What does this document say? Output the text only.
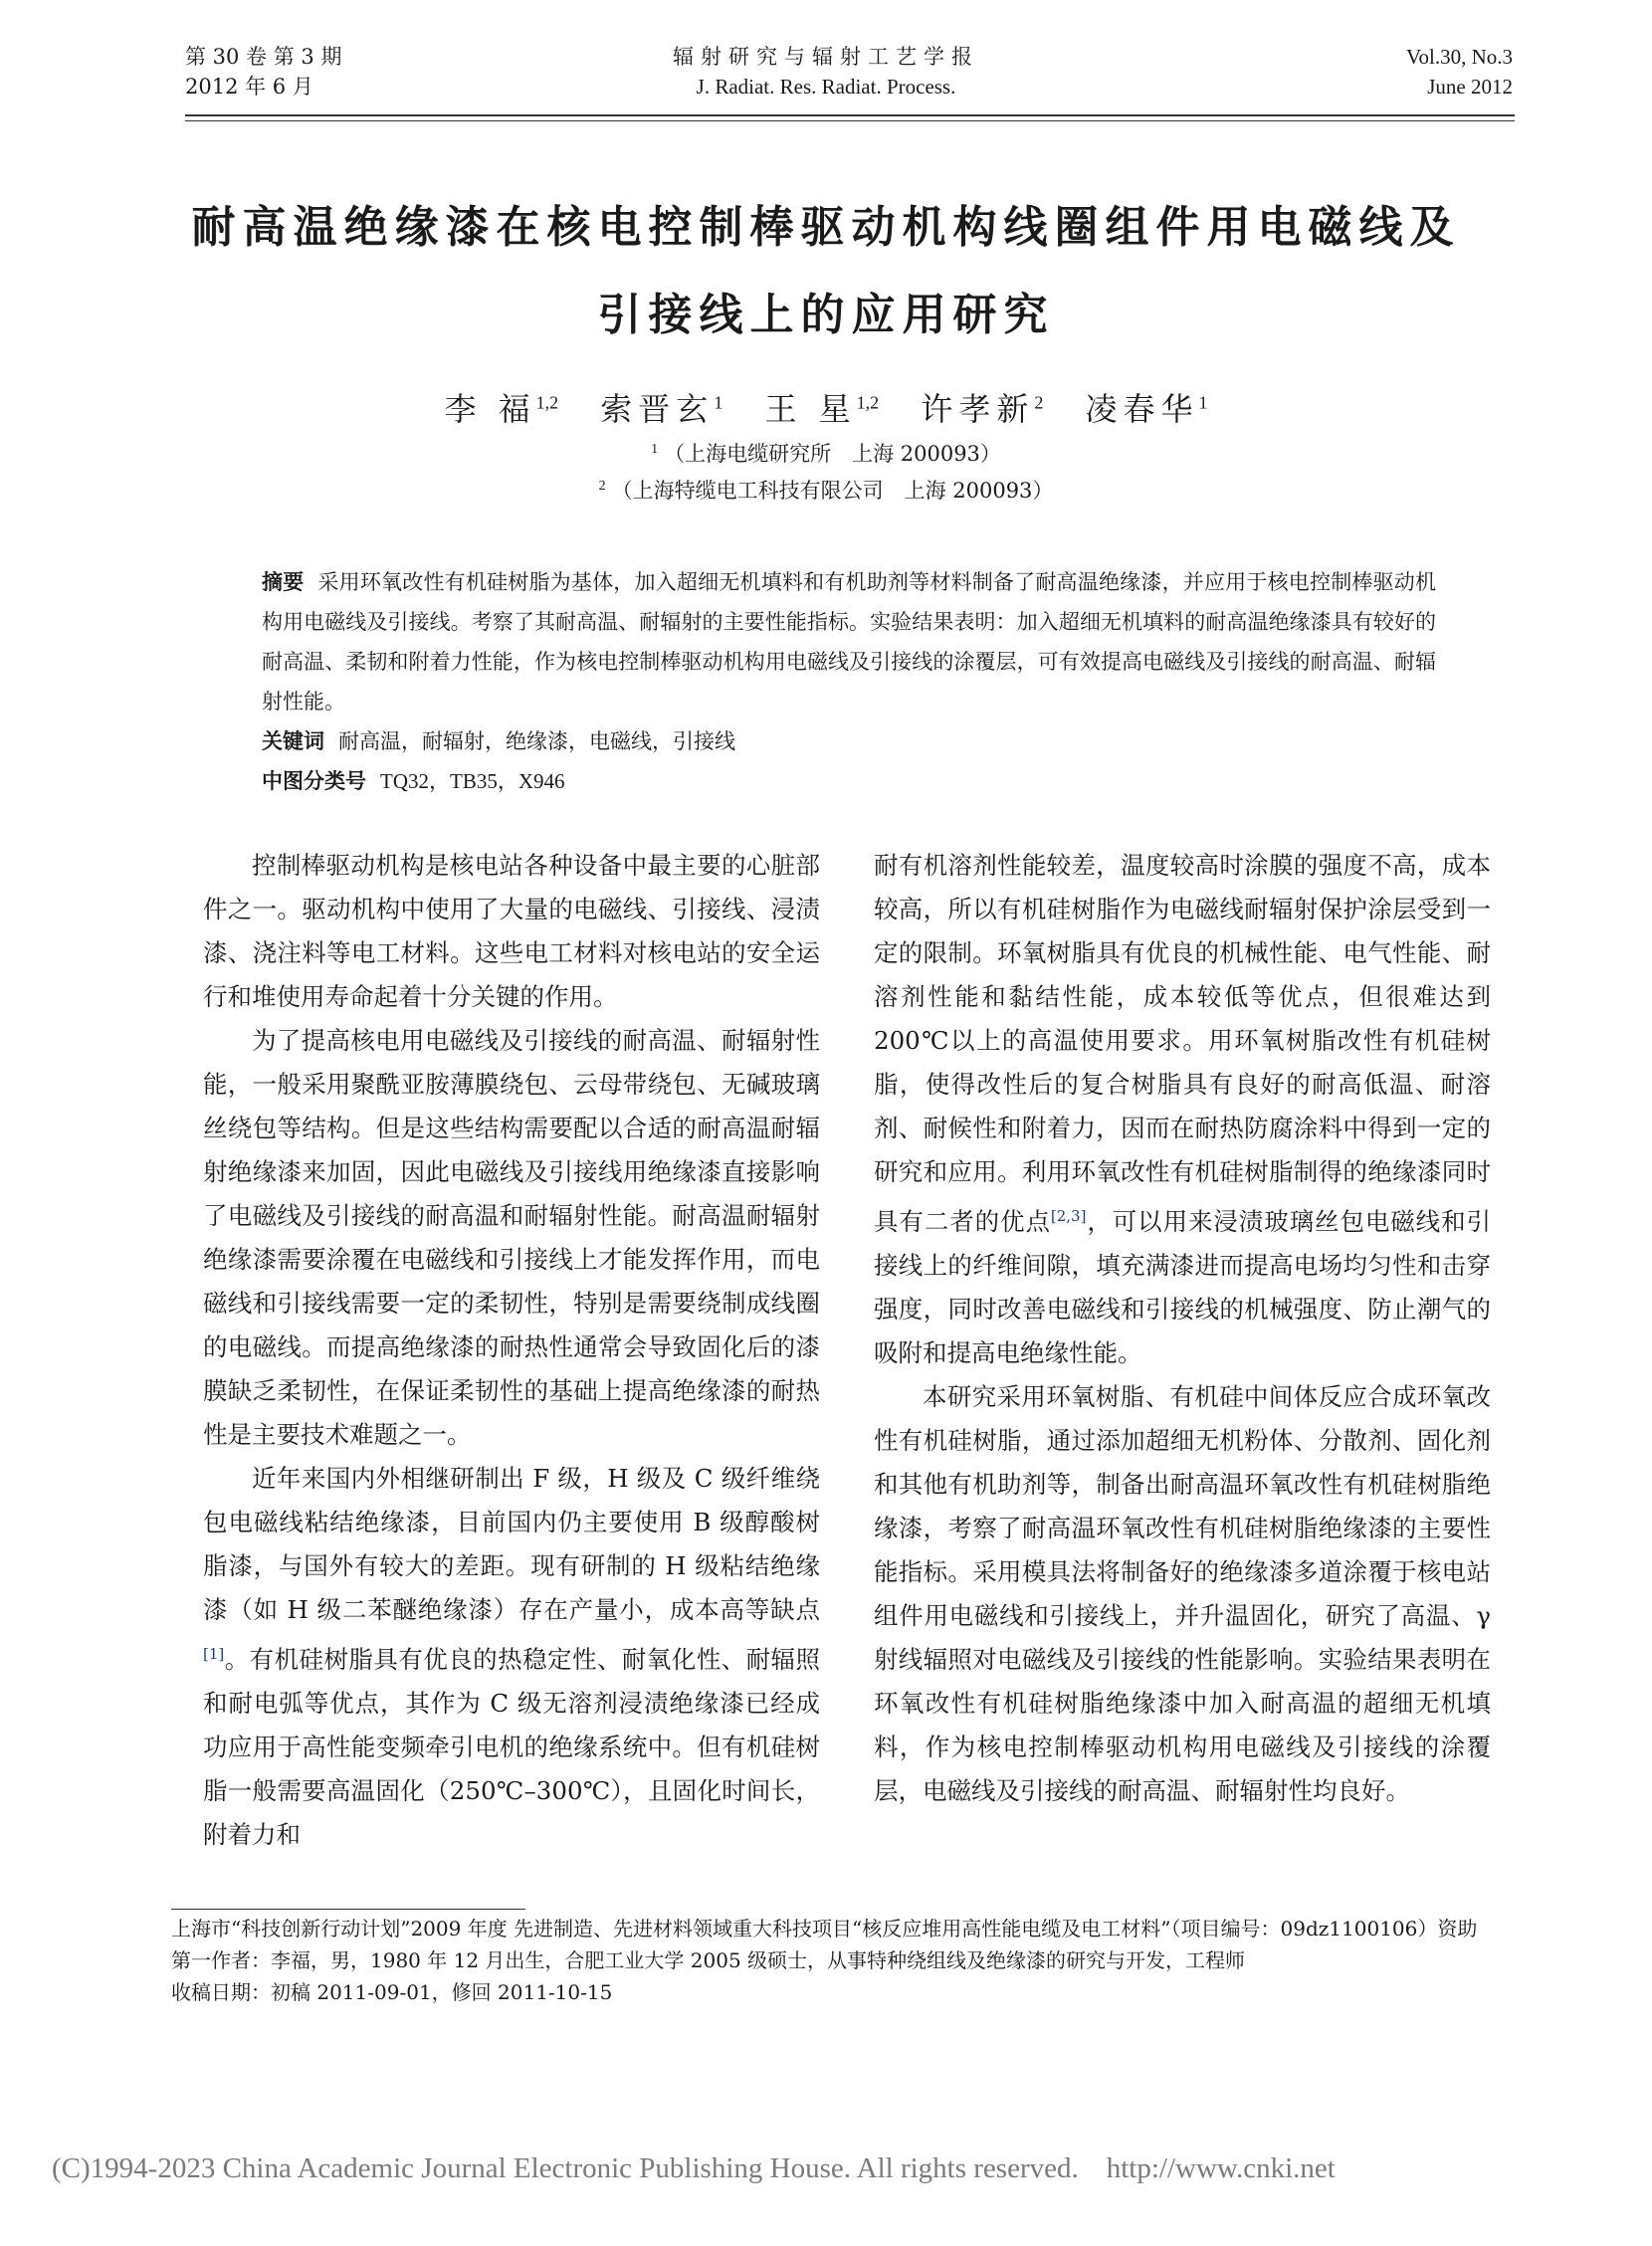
第 30 卷 第 3 期
2012 年 6 月
辐射研究与辐射工艺学报
J. Radiat. Res. Radiat. Process.
Vol.30, No.3
June 2012
耐高温绝缘漆在核电控制棒驱动机构线圈组件用电磁线及
引接线上的应用研究
李 福$^{1,2}$ 索晋玄$^1$ 王 星$^{1,2}$ 许孝新$^2$ 凌春华$^1$
$^1$ （上海电缆研究所　上海 200093）
$^2$ （上海特缆电工科技有限公司　上海 200093）

摘要 采用环氧改性有机硅树脂为基体，加入超细无机填料和有机助剂等材料制备了耐高温绝缘漆，并应用于核电控制棒驱动机构用电磁线及引接线。考察了其耐高温、耐辐射的主要性能指标。实验结果表明：加入超细无机填料的耐高温绝缘漆具有较好的耐高温、柔韧和附着力性能，作为核电控制棒驱动机构用电磁线及引接线的涂覆层，可有效提高电磁线及引接线的耐高温、耐辐射性能。

关键词 耐高温，耐辐射，绝缘漆，电磁线，引接线

中图分类号 TQ32，TB35，X946

控制棒驱动机构是核电站各种设备中最主要的心脏部件之一。驱动机构中使用了大量的电磁线、引接线、浸渍漆、浇注料等电工材料。这些电工材料对核电站的安全运行和堆使用寿命起着十分关键的作用。

为了提高核电用电磁线及引接线的耐高温、耐辐射性能，一般采用聚酰亚胺薄膜绕包、云母带绕包、无碱玻璃丝绕包等结构。但是这些结构需要配以合适的耐高温耐辐射绝缘漆来加固，因此电磁线及引接线用绝缘漆直接影响了电磁线及引接线的耐高温和耐辐射性能。耐高温耐辐射绝缘漆需要涂覆在电磁线和引接线上才能发挥作用，而电磁线和引接线需要一定的柔韧性，特别是需要绕制成线圈的电磁线。而提高绝缘漆的耐热性通常会导致固化后的漆膜缺乏柔韧性，在保证柔韧性的基础上提高绝缘漆的耐热性是主要技术难题之一。

近年来国内外相继研制出 F 级，H 级及 C 级纤维绕包电磁线粘结绝缘漆，目前国内仍主要使用 B 级醇酸树脂漆，与国外有较大的差距。现有研制的 H 级粘结绝缘漆（如 H 级二苯醚绝缘漆）存在产量小，成本高等缺点[1]。有机硅树脂具有优良的热稳定性、耐氧化性、耐辐照和耐电弧等优点，其作为 C 级无溶剂浸渍绝缘漆已经成功应用于高性能变频牵引电机的绝缘系统中。但有机硅树脂一般需要高温固化（250℃–300℃），且固化时间长，附着力和

耐有机溶剂性能较差，温度较高时涂膜的强度不高，成本较高，所以有机硅树脂作为电磁线耐辐射保护涂层受到一定的限制。环氧树脂具有优良的机械性能、电气性能、耐溶剂性能和黏结性能，成本较低等优点，但很难达到 200℃以上的高温使用要求。用环氧树脂改性有机硅树脂，使得改性后的复合树脂具有良好的耐高低温、耐溶剂、耐候性和附着力，因而在耐热防腐涂料中得到一定的研究和应用。利用环氧改性有机硅树脂制得的绝缘漆同时具有二者的优点[2,3]，可以用来浸渍玻璃丝包电磁线和引接线上的纤维间隙，填充满漆进而提高电场均匀性和击穿强度，同时改善电磁线和引接线的机械强度、防止潮气的吸附和提高电绝缘性能。

本研究采用环氧树脂、有机硅中间体反应合成环氧改性有机硅树脂，通过添加超细无机粉体、分散剂、固化剂和其他有机助剂等，制备出耐高温环氧改性有机硅树脂绝缘漆，考察了耐高温环氧改性有机硅树脂绝缘漆的主要性能指标。采用模具法将制备好的绝缘漆多道涂覆于核电站组件用电磁线和引接线上，并升温固化，研究了高温、γ 射线辐照对电磁线及引接线的性能影响。实验结果表明在环氧改性有机硅树脂绝缘漆中加入耐高温的超细无机填料，作为核电控制棒驱动机构用电磁线及引接线的涂覆层，电磁线及引接线的耐高温、耐辐射性均良好。

上海市“科技创新行动计划”2009 年度 先进制造、先进材料领域重大科技项目“核反应堆用高性能电缆及电工材料”（项目编号：09dz1100106）资助

第一作者：李福，男，1980 年 12 月出生，合肥工业大学 2005 级硕士，从事特种绕组线及绝缘漆的研究与开发，工程师

收稿日期：初稿 2011-09-01，修回 2011-10-15

(C)1994-2023 China Academic Journal Electronic Publishing House. All rights reserved. http://www.cnki.net
